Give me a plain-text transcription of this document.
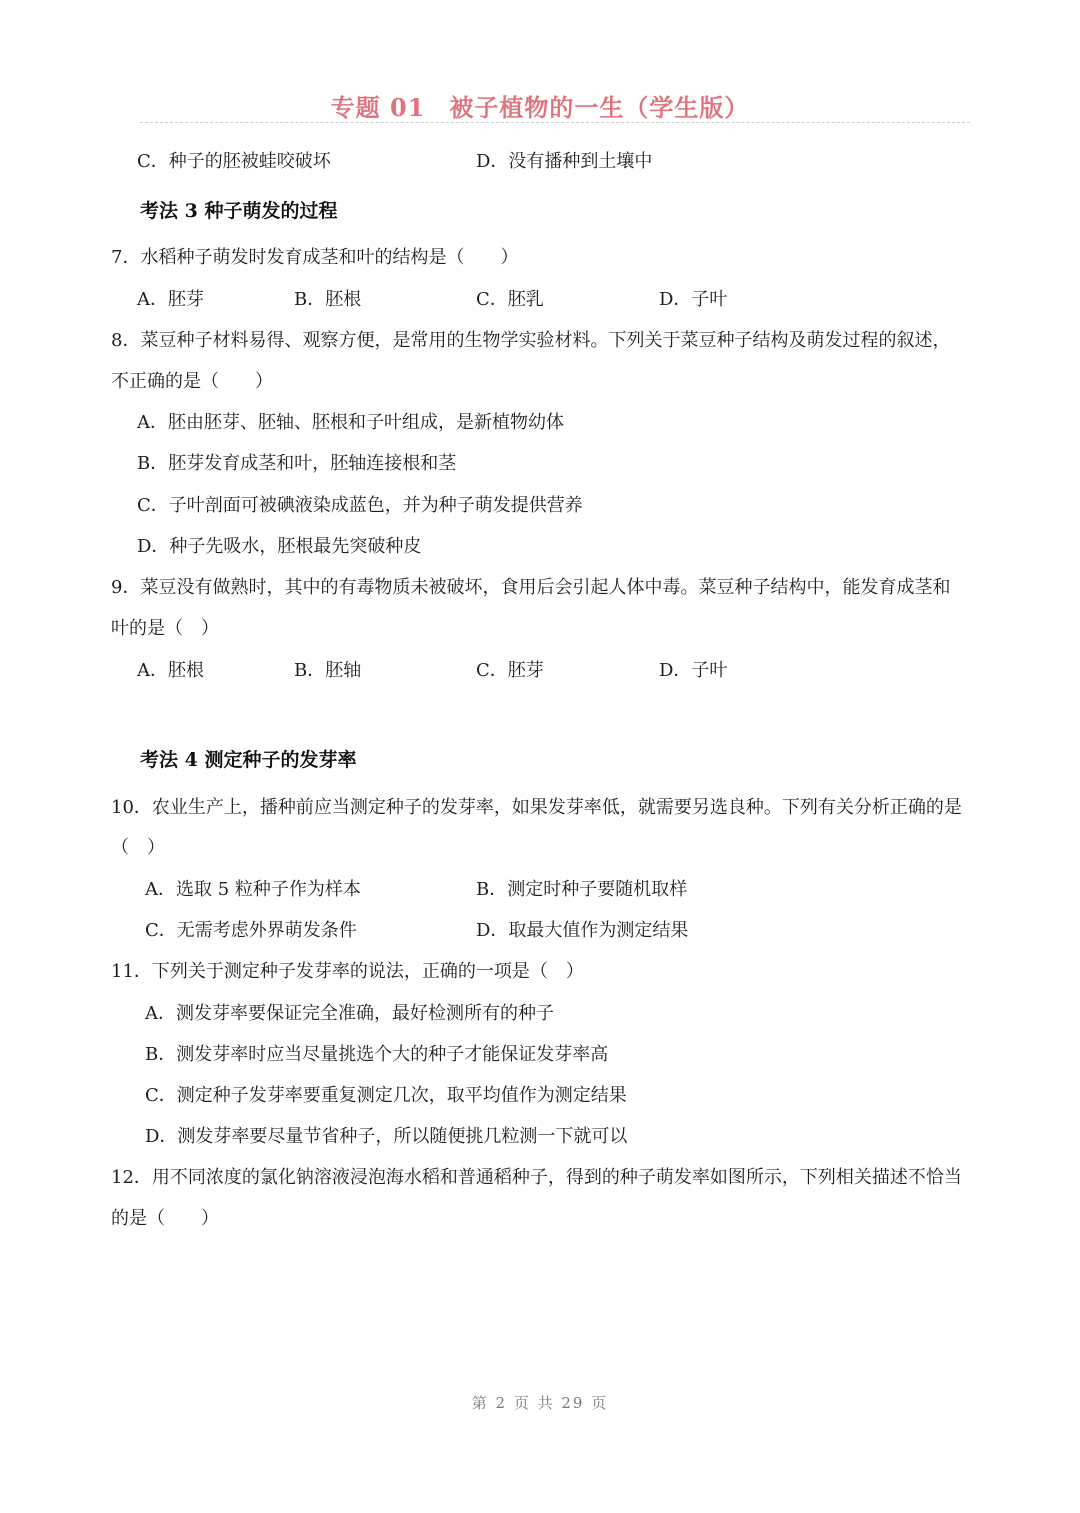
专题 01 被子植物的一生（学生版）
C．种子的胚被蛙咬破坏	D．没有播种到土壤中
考法 3 种子萌发的过程
7．水稻种子萌发时发育成茎和叶的结构是（　　）
A．胚芽	B．胚根	C．胚乳	D．子叶
8．菜豆种子材料易得、观察方便，是常用的生物学实验材料。下列关于菜豆种子结构及萌发过程的叙述，
不正确的是（　　）
A．胚由胚芽、胚轴、胚根和子叶组成，是新植物幼体
B．胚芽发育成茎和叶，胚轴连接根和茎
C．子叶剖面可被碘液染成蓝色，并为种子萌发提供营养
D．种子先吸水，胚根最先突破种皮
9．菜豆没有做熟时，其中的有毒物质未被破坏，食用后会引起人体中毒。菜豆种子结构中，能发育成茎和
叶的是（　）
A．胚根	B．胚轴	C．胚芽	D．子叶
考法 4 测定种子的发芽率
10．农业生产上，播种前应当测定种子的发芽率，如果发芽率低，就需要另选良种。下列有关分析正确的是
（　）
A．选取 5 粒种子作为样本	B．测定时种子要随机取样
C．无需考虑外界萌发条件	D．取最大值作为测定结果
11．下列关于测定种子发芽率的说法，正确的一项是（　）
A．测发芽率要保证完全准确，最好检测所有的种子
B．测发芽率时应当尽量挑选个大的种子才能保证发芽率高
C．测定种子发芽率要重复测定几次，取平均值作为测定结果
D．测发芽率要尽量节省种子，所以随便挑几粒测一下就可以
12．用不同浓度的氯化钠溶液浸泡海水稻和普通稻种子，得到的种子萌发率如图所示，下列相关描述不恰当
的是（　　）
第 2 页 共 29 页
